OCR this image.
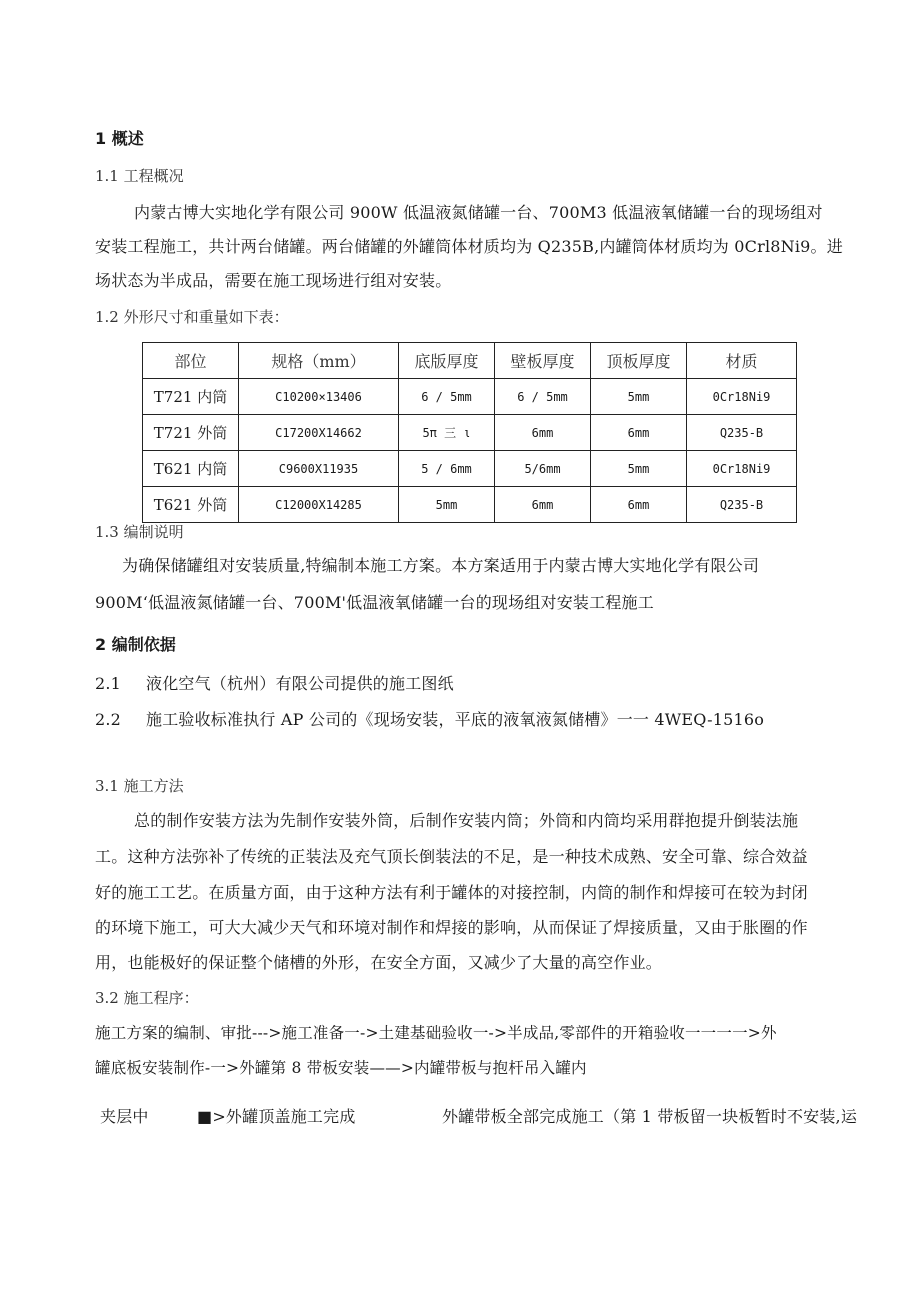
1 概述
1.1 工程概况
内蒙古博大实地化学有限公司 900W 低温液氮储罐一台、700M3 低温液氧储罐一台的现场组对
安装工程施工，共计两台储罐。两台储罐的外罐筒体材质均为 Q235B,内罐筒体材质均为 0Crl8Ni9。进
场状态为半成品，需要在施工现场进行组对安装。
1.2 外形尺寸和重量如下表：
部位	规格（mm）	底版厚度	壁板厚度	顶板厚度	材质
T721 内筒	C10200×13406	6 / 5mm	6 / 5mm	5mm	0Cr18Ni9
T721 外筒	C17200X14662	5π 三 ι	6mm	6mm	Q235-B
T621 内筒	C9600X11935	5 / 6mm	5/6mm	5mm	0Cr18Ni9
T621 外筒	C12000X14285	5mm	6mm	6mm	Q235-B
1.3 编制说明
为确保储罐组对安装质量,特编制本施工方案。本方案适用于内蒙古博大实地化学有限公司
900M‘低温液氮储罐一台、700M'低温液氧储罐一台的现场组对安装工程施工
2 编制依据
2.1 液化空气（杭州）有限公司提供的施工图纸
2.2 施工验收标准执行 AP 公司的《现场安装，平底的液氧液氮储槽》一一 4WEQ-1516o
3.1 施工方法
总的制作安装方法为先制作安装外筒，后制作安装内筒；外筒和内筒均采用群抱提升倒装法施
工。这种方法弥补了传统的正装法及充气顶长倒装法的不足，是一种技术成熟、安全可靠、综合效益
好的施工工艺。在质量方面，由于这种方法有利于罐体的对接控制，内筒的制作和焊接可在较为封闭
的环境下施工，可大大减少天气和环境对制作和焊接的影响，从而保证了焊接质量，又由于胀圈的作
用，也能极好的保证整个储槽的外形，在安全方面，又减少了大量的高空作业。
3.2 施工程序：
施工方案的编制、审批--->施工准备一->土建基础验收一->半成品,零部件的开箱验收一一一一>外
罐底板安装制作-一>外罐第 8 带板安装——>内罐带板与抱杆吊入罐内
夹层中	■>外罐顶盖施工完成	外罐带板全部完成施工（第 1 带板留一块板暂时不安装,运
